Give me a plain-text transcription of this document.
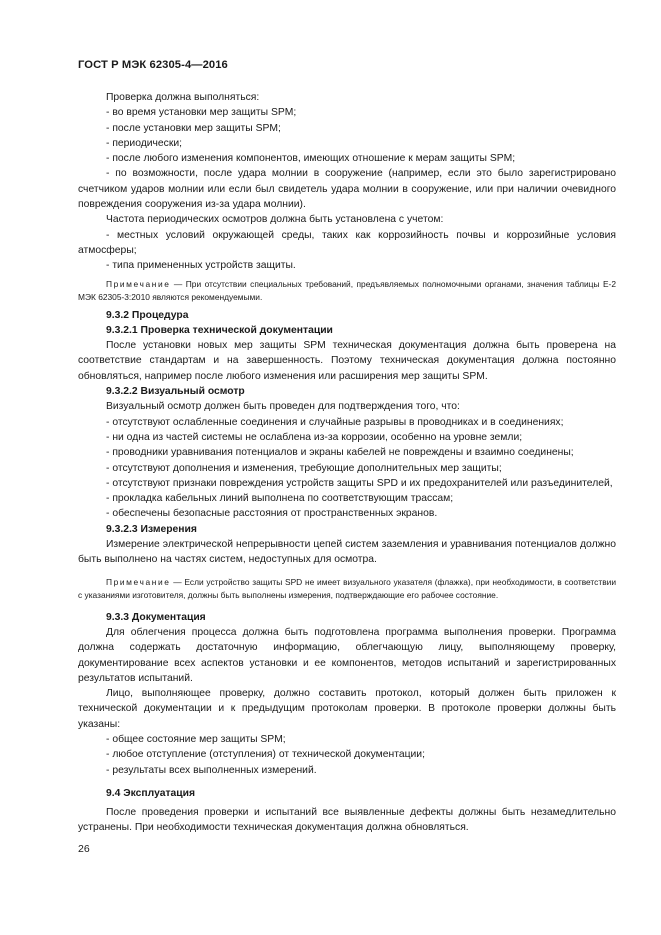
ГОСТ Р МЭК 62305-4—2016

Проверка должна выполняться:

- во время установки мер защиты SPM;

- после установки мер защиты SPM;

- периодически;

- после любого изменения компонентов, имеющих отношение к мерам защиты SPM;

- по возможности, после удара молнии в сооружение (например, если это было зарегистрировано счетчиком ударов молнии или если был свидетель удара молнии в сооружение, или при наличии очевидного повреждения сооружения из-за удара молнии).

Частота периодических осмотров должна быть установлена с учетом:

- местных условий окружающей среды, таких как коррозийность почвы и коррозийные условия атмосферы;

- типа примененных устройств защиты.

Примечание — При отсутствии специальных требований, предъявляемых полномочными органами, значения таблицы Е-2 МЭК 62305-3:2010 являются рекомендуемыми.

9.3.2 Процедура

9.3.2.1 Проверка технической документации

После установки новых мер защиты SPM техническая документация должна быть проверена на соответствие стандартам и на завершенность. Поэтому техническая документация должна постоянно обновляться, например после любого изменения или расширения мер защиты SPM.

9.3.2.2 Визуальный осмотр

Визуальный осмотр должен быть проведен для подтверждения того, что:

- отсутствуют ослабленные соединения и случайные разрывы в проводниках и в соединениях;

- ни одна из частей системы не ослаблена из-за коррозии, особенно на уровне земли;

- проводники уравнивания потенциалов и экраны кабелей не повреждены и взаимно соединены;

- отсутствуют дополнения и изменения, требующие дополнительных мер защиты;

- отсутствуют признаки повреждения устройств защиты SPD и их предохранителей или разъединителей,

- прокладка кабельных линий выполнена по соответствующим трассам;

- обеспечены безопасные расстояния от пространственных экранов.

9.3.2.3 Измерения

Измерение электрической непрерывности цепей систем заземления и уравнивания потенциалов должно быть выполнено на частях систем, недоступных для осмотра.

Примечание — Если устройство защиты SPD не имеет визуального указателя (флажка), при необходимости, в соответствии с указаниями изготовителя, должны быть выполнены измерения, подтверждающие его рабочее состояние.

9.3.3 Документация

Для облегчения процесса должна быть подготовлена программа выполнения проверки. Программа должна содержать достаточную информацию, облегчающую лицу, выполняющему проверку, документирование всех аспектов установки и ее компонентов, методов испытаний и зарегистрированных результатов испытаний.

Лицо, выполняющее проверку, должно составить протокол, который должен быть приложен к технической документации и к предыдущим протоколам проверки. В протоколе проверки должны быть указаны:

- общее состояние мер защиты SPM;

- любое отступление (отступления) от технической документации;

- результаты всех выполненных измерений.

9.4 Эксплуатация

После проведения проверки и испытаний все выявленные дефекты должны быть незамедлительно устранены. При необходимости техническая документация должна обновляться.

26
